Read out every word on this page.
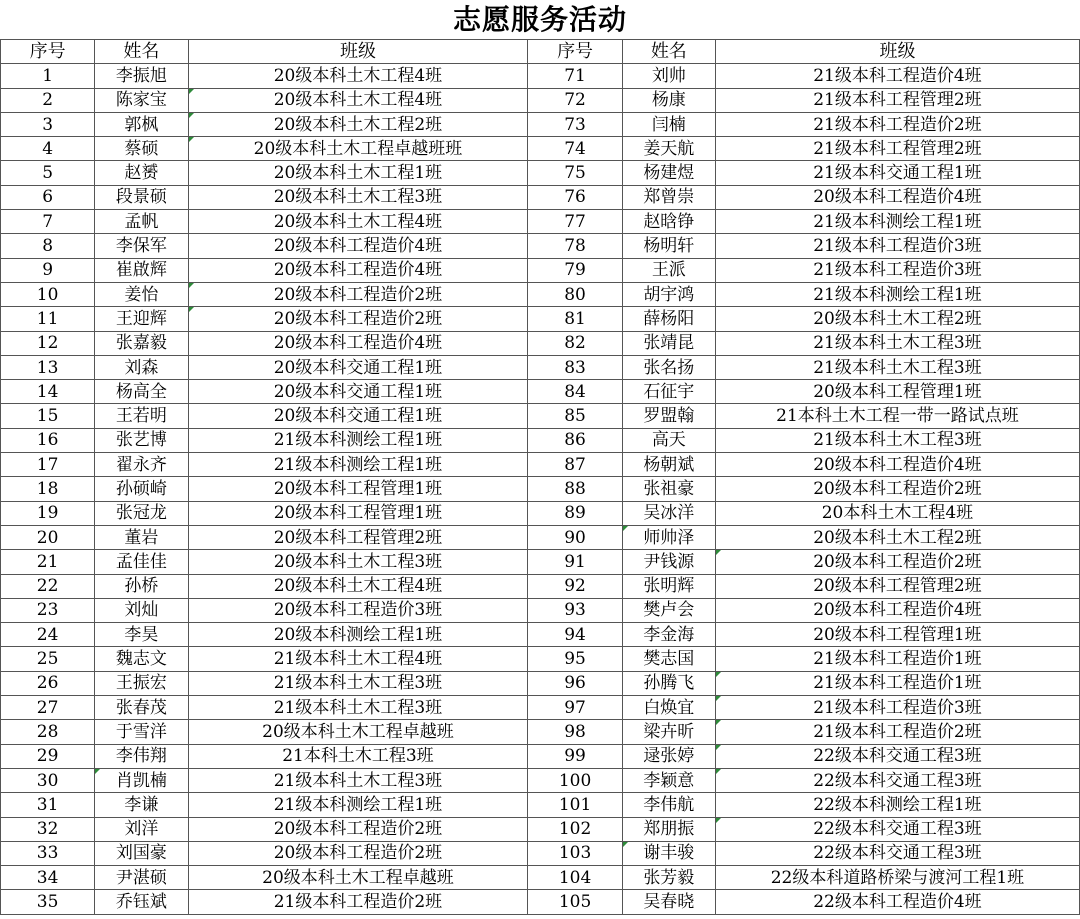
志愿服务活动
序号	姓名	班级	序号	姓名	班级
1	李振旭	20级本科土木工程4班	71	刘帅	21级本科工程造价4班
2	陈家宝	20级本科土木工程4班	72	杨康	21级本科工程管理2班
3	郭枫	20级本科土木工程2班	73	闫楠	21级本科工程造价2班
4	蔡硕	20级本科土木工程卓越班班	74	姜天航	21级本科工程管理2班
5	赵赟	20级本科土木工程1班	75	杨建煜	21级本科交通工程1班
6	段景硕	20级本科土木工程3班	76	郑曾崇	20级本科工程造价4班
7	孟帆	20级本科土木工程4班	77	赵晗铮	21级本科测绘工程1班
8	李保军	20级本科工程造价4班	78	杨明轩	21级本科工程造价3班
9	崔啟辉	20级本科工程造价4班	79	王派	21级本科工程造价3班
10	姜怡	20级本科工程造价2班	80	胡宇鸿	21级本科测绘工程1班
11	王迎辉	20级本科工程造价2班	81	薛杨阳	20级本科土木工程2班
12	张嘉毅	20级本科工程造价4班	82	张靖昆	21级本科土木工程3班
13	刘森	20级本科交通工程1班	83	张名扬	21级本科土木工程3班
14	杨高全	20级本科交通工程1班	84	石征宇	20级本科工程管理1班
15	王若明	20级本科交通工程1班	85	罗盟翰	21本科土木工程一带一路试点班
16	张艺博	21级本科测绘工程1班	86	高天	21级本科土木工程3班
17	翟永齐	21级本科测绘工程1班	87	杨朝斌	20级本科工程造价4班
18	孙硕崎	20级本科工程管理1班	88	张祖豪	20级本科工程造价2班
19	张冠龙	20级本科工程管理1班	89	吴冰洋	20本科土木工程4班
20	董岩	20级本科工程管理2班	90	师帅泽	20级本科土木工程2班
21	孟佳佳	20级本科土木工程3班	91	尹钱源	20级本科工程造价2班
22	孙桥	20级本科土木工程4班	92	张明辉	20级本科工程管理2班
23	刘灿	20级本科工程造价3班	93	樊卢会	20级本科工程造价4班
24	李昊	20级本科测绘工程1班	94	李金海	20级本科工程管理1班
25	魏志文	21级本科土木工程4班	95	樊志国	21级本科工程造价1班
26	王振宏	21级本科土木工程3班	96	孙腾飞	21级本科工程造价1班
27	张春茂	21级本科土木工程3班	97	白焕宜	21级本科工程造价3班
28	于雪洋	20级本科土木工程卓越班	98	梁卉昕	21级本科工程造价2班
29	李伟翔	21本科土木工程3班	99	逯张婷	22级本科交通工程3班
30	肖凯楠	21级本科土木工程3班	100	李颖意	22级本科交通工程3班
31	李谦	21级本科测绘工程1班	101	李伟航	22级本科测绘工程1班
32	刘洋	20级本科工程造价2班	102	郑朋振	22级本科交通工程3班
33	刘国豪	20级本科工程造价2班	103	谢丰骏	22级本科交通工程3班
34	尹湛硕	20级本科土木工程卓越班	104	张芳毅	22级本科道路桥梁与渡河工程1班
35	乔钰斌	21级本科工程造价2班	105	吴春晓	22级本科工程造价4班
